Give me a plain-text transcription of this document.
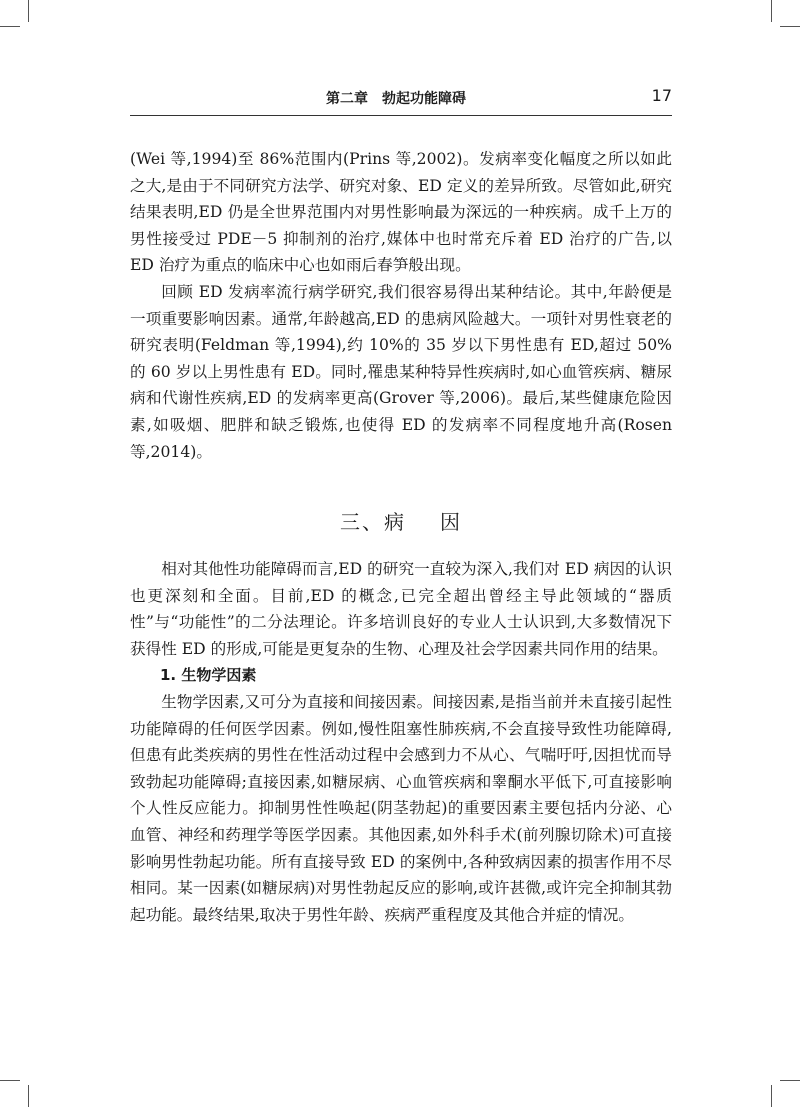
第二章　勃起功能障碍	17

(Wei 等,1994)至 86%范围内(Prins 等,2002)。发病率变化幅度之所以如此之大,是由于不同研究方法学、研究对象、ED 定义的差异所致。尽管如此,研究结果表明,ED 仍是全世界范围内对男性影响最为深远的一种疾病。成千上万的男性接受过 PDE－5 抑制剂的治疗,媒体中也时常充斥着 ED 治疗的广告,以 ED 治疗为重点的临床中心也如雨后春笋般出现。

回顾 ED 发病率流行病学研究,我们很容易得出某种结论。其中,年龄便是一项重要影响因素。通常,年龄越高,ED 的患病风险越大。一项针对男性衰老的研究表明(Feldman 等,1994),约 10%的 35 岁以下男性患有 ED,超过 50%的 60 岁以上男性患有 ED。同时,罹患某种特异性疾病时,如心血管疾病、糖尿病和代谢性疾病,ED 的发病率更高(Grover 等,2006)。最后,某些健康危险因素,如吸烟、肥胖和缺乏锻炼,也使得 ED 的发病率不同程度地升高(Rosen 等,2014)。

三、病 因

相对其他性功能障碍而言,ED 的研究一直较为深入,我们对 ED 病因的认识也更深刻和全面。目前,ED 的概念,已完全超出曾经主导此领域的“器质性”与“功能性”的二分法理论。许多培训良好的专业人士认识到,大多数情况下获得性 ED 的形成,可能是更复杂的生物、心理及社会学因素共同作用的结果。

1. 生物学因素

生物学因素,又可分为直接和间接因素。间接因素,是指当前并未直接引起性功能障碍的任何医学因素。例如,慢性阻塞性肺疾病,不会直接导致性功能障碍,但患有此类疾病的男性在性活动过程中会感到力不从心、气喘吁吁,因担忧而导致勃起功能障碍;直接因素,如糖尿病、心血管疾病和睾酮水平低下,可直接影响个人性反应能力。抑制男性性唤起(阴茎勃起)的重要因素主要包括内分泌、心血管、神经和药理学等医学因素。其他因素,如外科手术(前列腺切除术)可直接影响男性勃起功能。所有直接导致 ED 的案例中,各种致病因素的损害作用不尽相同。某一因素(如糖尿病)对男性勃起反应的影响,或许甚微,或许完全抑制其勃起功能。最终结果,取决于男性年龄、疾病严重程度及其他合并症的情况。
